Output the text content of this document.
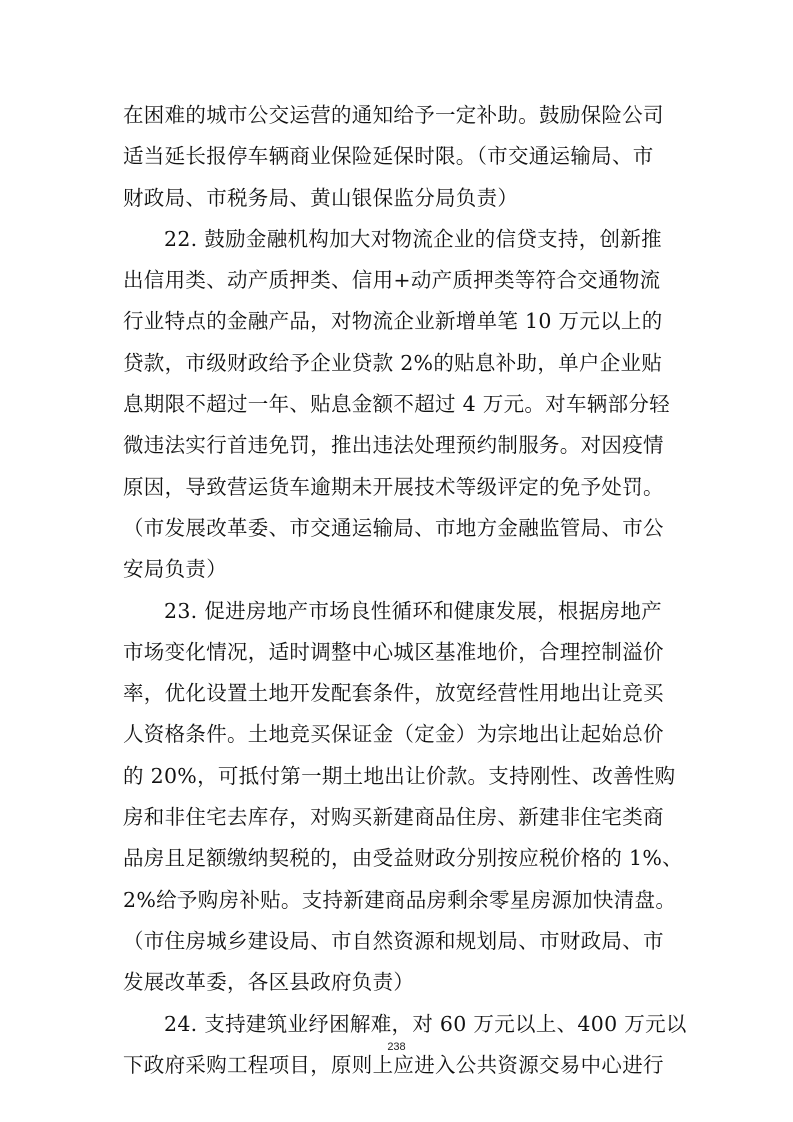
在困难的城市公交运营的通知给予一定补助。鼓励保险公司
适当延长报停车辆商业保险延保时限。（市交通运输局、市
财政局、市税务局、黄山银保监分局负责）
22. 鼓励金融机构加大对物流企业的信贷支持，创新推
出信用类、动产质押类、信用+动产质押类等符合交通物流
行业特点的金融产品，对物流企业新增单笔 10 万元以上的
贷款，市级财政给予企业贷款 2%的贴息补助，单户企业贴
息期限不超过一年、贴息金额不超过 4 万元。对车辆部分轻
微违法实行首违免罚，推出违法处理预约制服务。对因疫情
原因，导致营运货车逾期未开展技术等级评定的免予处罚。
（市发展改革委、市交通运输局、市地方金融监管局、市公
安局负责）
23. 促进房地产市场良性循环和健康发展，根据房地产
市场变化情况，适时调整中心城区基准地价，合理控制溢价
率，优化设置土地开发配套条件，放宽经营性用地出让竞买
人资格条件。土地竞买保证金（定金）为宗地出让起始总价
的 20%，可抵付第一期土地出让价款。支持刚性、改善性购
房和非住宅去库存，对购买新建商品住房、新建非住宅类商
品房且足额缴纳契税的，由受益财政分别按应税价格的 1%、
2%给予购房补贴。支持新建商品房剩余零星房源加快清盘。
（市住房城乡建设局、市自然资源和规划局、市财政局、市
发展改革委，各区县政府负责）
24. 支持建筑业纾困解难，对 60 万元以上、400 万元以
下政府采购工程项目，原则上应进入公共资源交易中心进行
238
